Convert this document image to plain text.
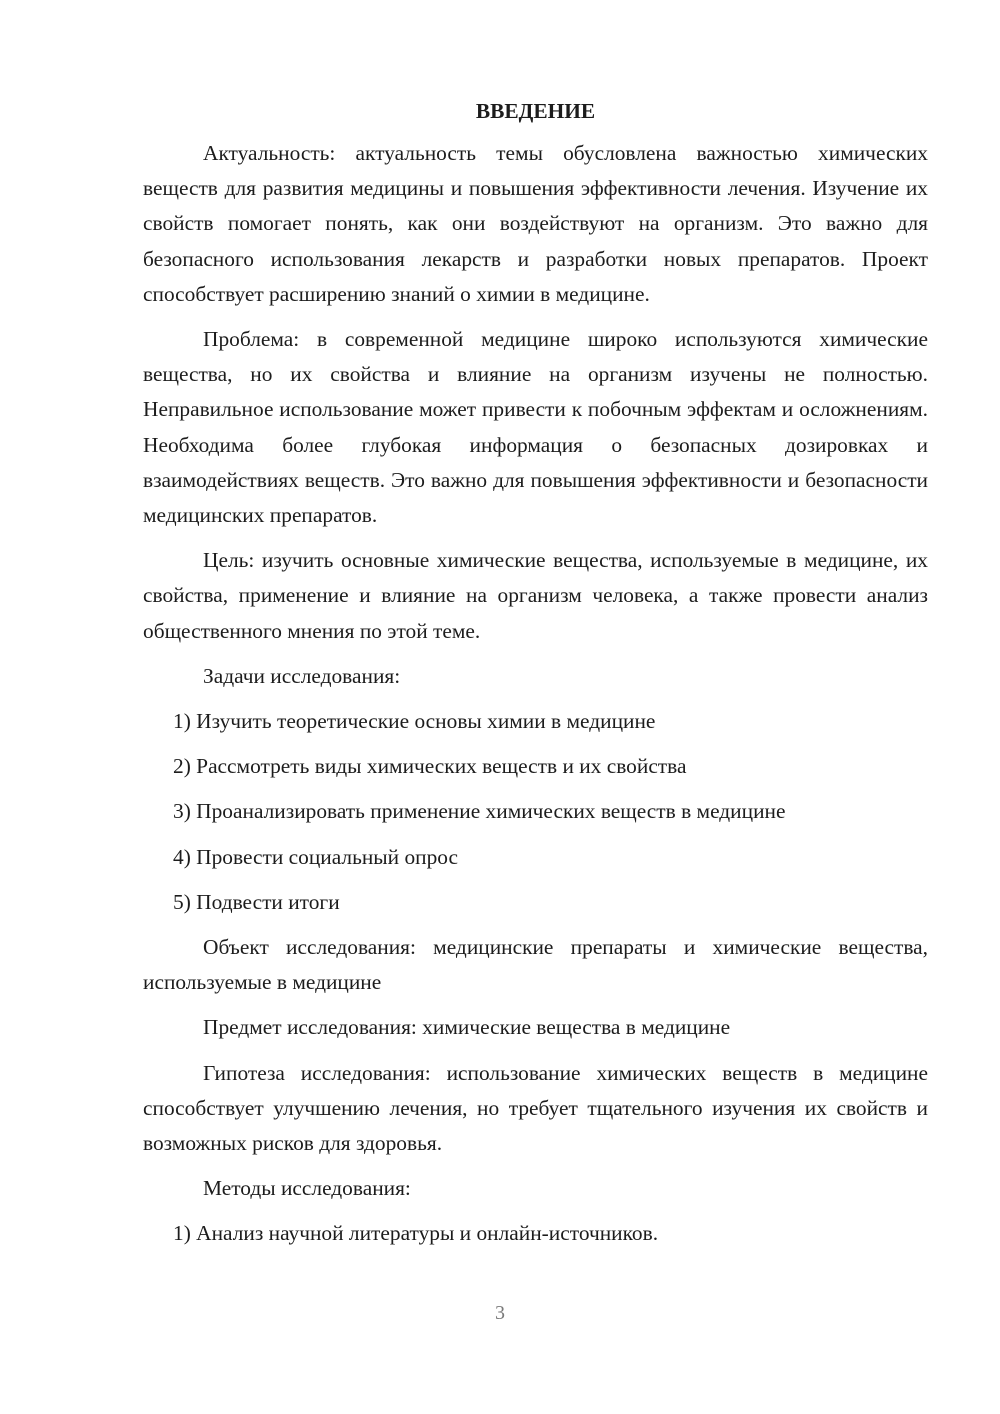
ВВЕДЕНИЕ

Актуальность: актуальность темы обусловлена важностью химических веществ для развития медицины и повышения эффективности лечения. Изучение их свойств помогает понять, как они воздействуют на организм. Это важно для безопасного использования лекарств и разработки новых препаратов. Проект способствует расширению знаний о химии в медицине.

Проблема: в современной медицине широко используются химические вещества, но их свойства и влияние на организм изучены не полностью. Неправильное использование может привести к побочным эффектам и осложнениям. Необходима более глубокая информация о безопасных дозировках и взаимодействиях веществ. Это важно для повышения эффективности и безопасности медицинских препаратов.

Цель: изучить основные химические вещества, используемые в медицине, их свойства, применение и влияние на организм человека, а также провести анализ общественного мнения по этой теме.

Задачи исследования:
1) Изучить теоретические основы химии в медицине
2) Рассмотреть виды химических веществ и их свойства
3) Проанализировать применение химических веществ в медицине
4) Провести социальный опрос
5) Подвести итоги

Объект исследования: медицинские препараты и химические вещества, используемые в медицине

Предмет исследования: химические вещества в медицине

Гипотеза исследования: использование химических веществ в медицине способствует улучшению лечения, но требует тщательного изучения их свойств и возможных рисков для здоровья.

Методы исследования:
1) Анализ научной литературы и онлайн-источников.
3
